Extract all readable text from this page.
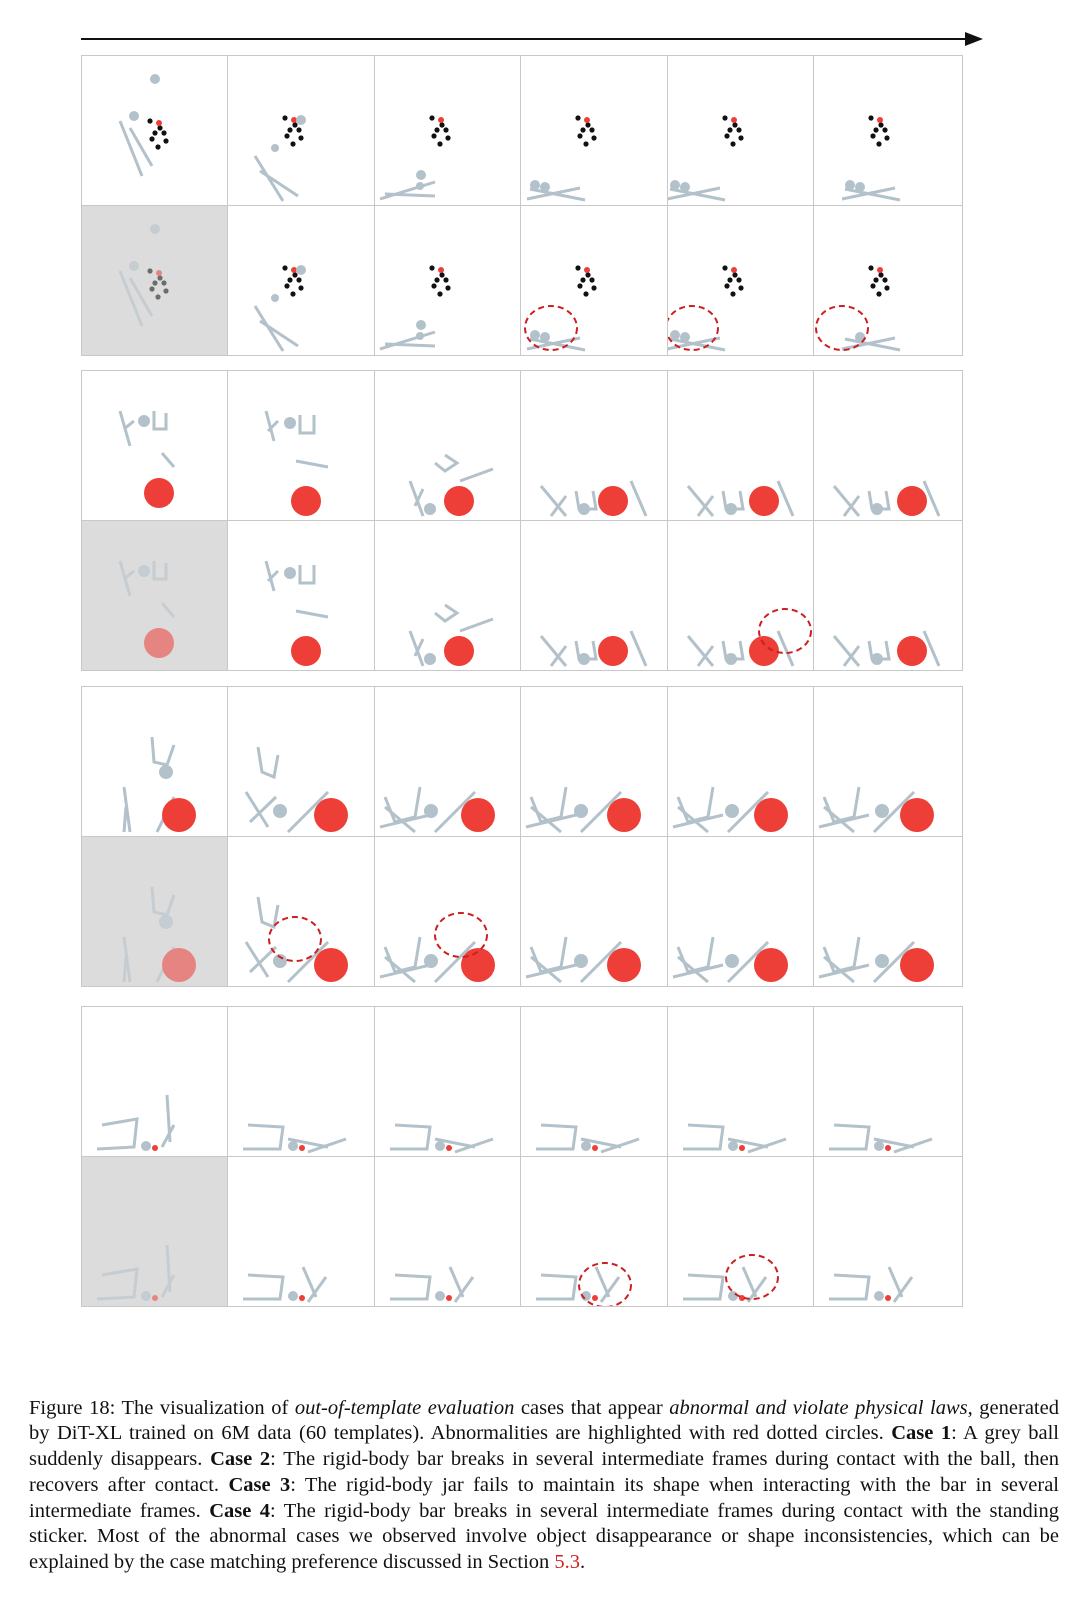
Figure 18: The visualization of out-of-template evaluation cases that appear abnormal and violate physical laws, generated by DiT-XL trained on 6M data (60 templates). Abnormalities are highlighted with red dotted circles. Case 1: A grey ball suddenly disappears. Case 2: The rigid-body bar breaks in several intermediate frames during contact with the ball, then recovers after contact. Case 3: The rigid-body jar fails to maintain its shape when interacting with the bar in several intermediate frames. Case 4: The rigid-body bar breaks in several intermediate frames during contact with the standing sticker. Most of the abnormal cases we observed involve object disappearance or shape inconsistencies, which can be explained by the case matching preference discussed in Section 5.3.
